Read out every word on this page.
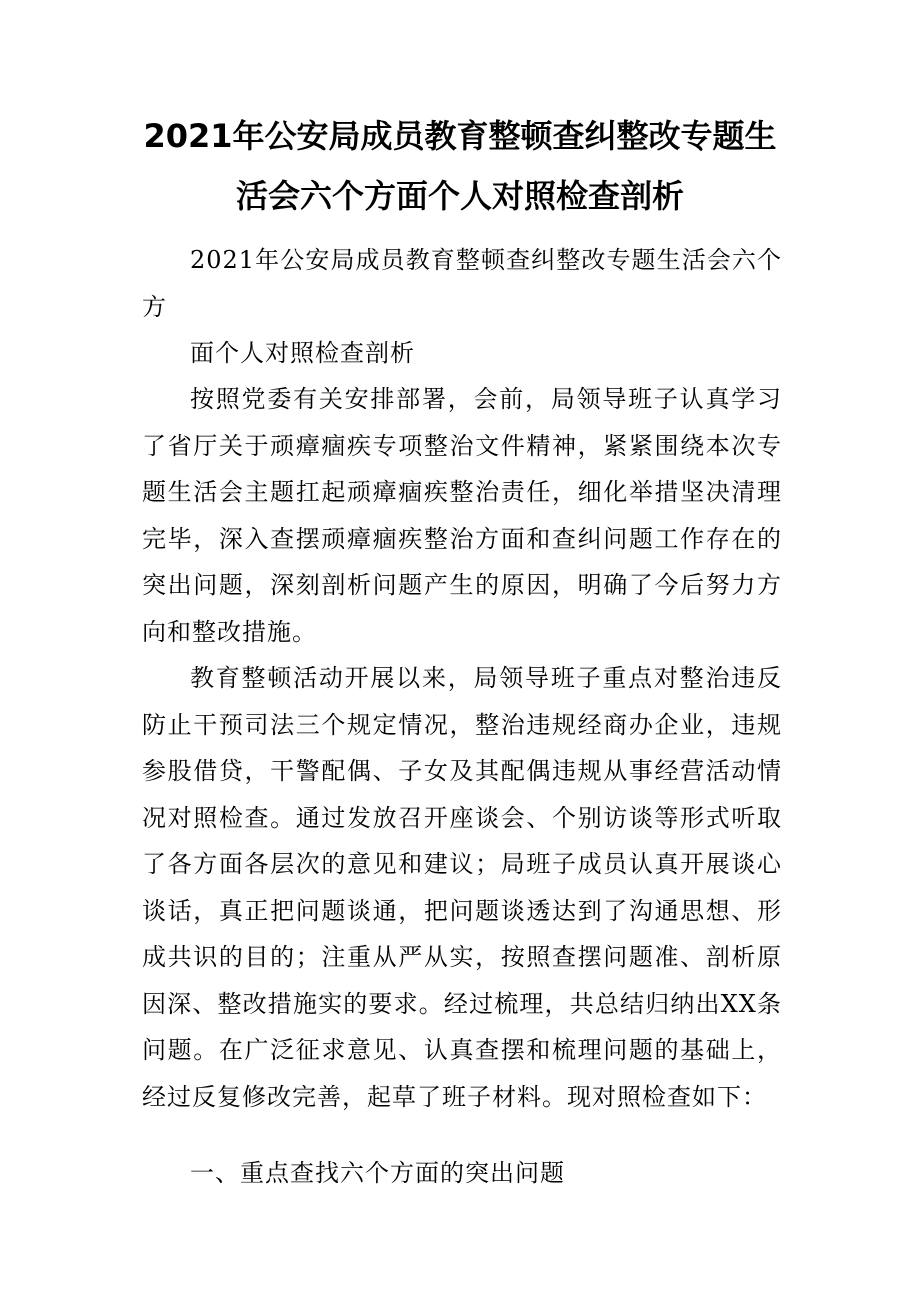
2021年公安局成员教育整顿查纠整改专题生
活会六个方面个人对照检查剖析

2021年公安局成员教育整顿查纠整改专题生活会六个方

面个人对照检查剖析

按照党委有关安排部署，会前，局领导班子认真学习了省厅关于顽瘴痼疾专项整治文件精神，紧紧围绕本次专题生活会主题扛起顽瘴痼疾整治责任，细化举措坚决清理完毕，深入查摆顽瘴痼疾整治方面和查纠问题工作存在的突出问题，深刻剖析问题产生的原因，明确了今后努力方向和整改措施。

教育整顿活动开展以来，局领导班子重点对整治违反防止干预司法三个规定情况，整治违规经商办企业，违规参股借贷，干警配偶、子女及其配偶违规从事经营活动情况对照检查。通过发放召开座谈会、个别访谈等形式听取了各方面各层次的意见和建议；局班子成员认真开展谈心谈话，真正把问题谈通，把问题谈透达到了沟通思想、形成共识的目的；注重从严从实，按照查摆问题准、剖析原因深、整改措施实的要求。经过梳理，共总结归纳出XX条问题。在广泛征求意见、认真查摆和梳理问题的基础上，经过反复修改完善，起草了班子材料。现对照检查如下：

一、重点查找六个方面的突出问题
